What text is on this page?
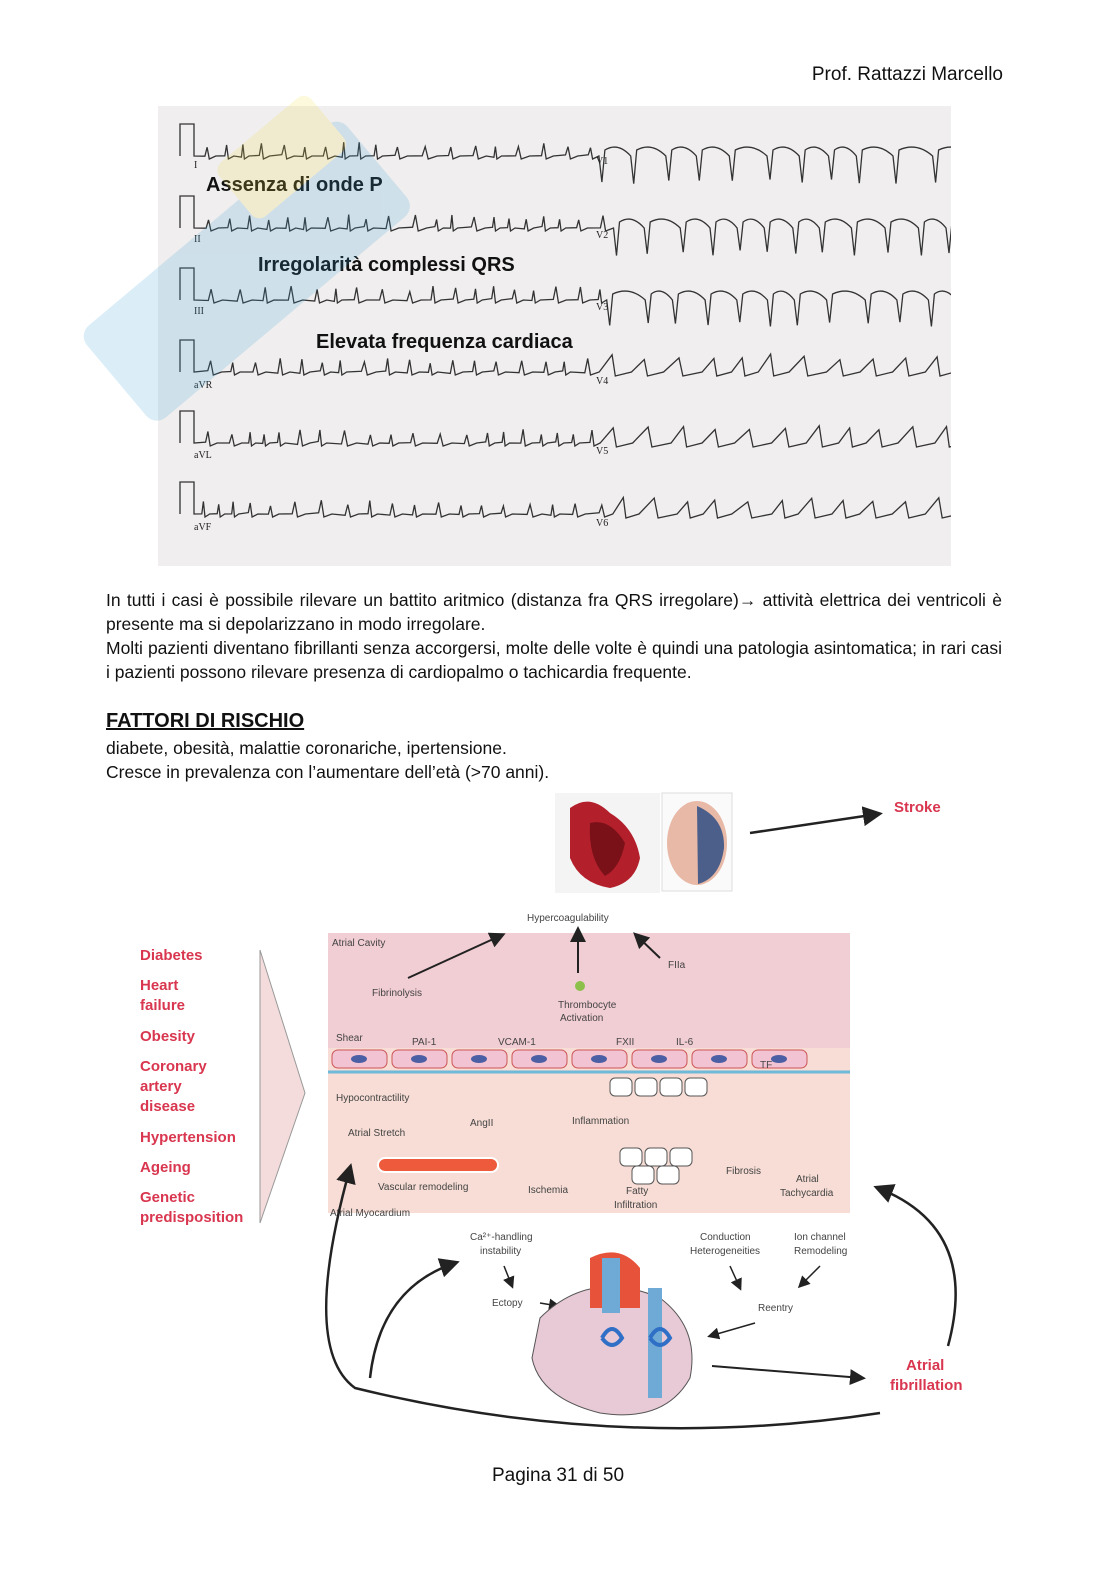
Prof. Rattazzi Marcello
Assenza di onde P
Irregolarità complessi QRS
Elevata frequenza cardiaca
I
II
III
aVR
aVL
aVF
V1
V2
V3
V4
V5
V6
In tutti i casi è possibile rilevare un battito aritmico (distanza fra QRS irregolare)→ attività elettrica dei ventricoli è presente ma si depolarizzano in modo irregolare.
Molti pazienti diventano fibrillanti senza accorgersi, molte delle volte è quindi una patologia asintomatica; in rari casi i pazienti possono rilevare presenza di cardiopalmo o tachicardia frequente.
FATTORI DI RISCHIO
diabete, obesità, malattie coronariche, ipertensione.
Cresce in prevalenza con l’aumentare dell’età (>70 anni).
Stroke
Hypercoagulability
Atrial Cavity
Fibrinolysis
Thrombocyte
Activation
FIIa
Shear	PAI-1	VCAM-1	FXII	IL-6
TF
Hypocontractility
Atrial Stretch
AngII	Inflammation
Fibrosis
Atrial
Tachycardia
Vascular remodeling	Ischemia	Fatty
Infiltration
Atrial Myocardium
Diabetes
Heart
failure
Obesity
Coronary
artery
disease
Hypertension
Ageing
Genetic
predisposition
Ca²⁺-handling
instability
Conduction
Heterogeneities
Ion channel
Remodeling
Ectopy	Reentry
Atrial
fibrillation
Pagina 31 di 50
